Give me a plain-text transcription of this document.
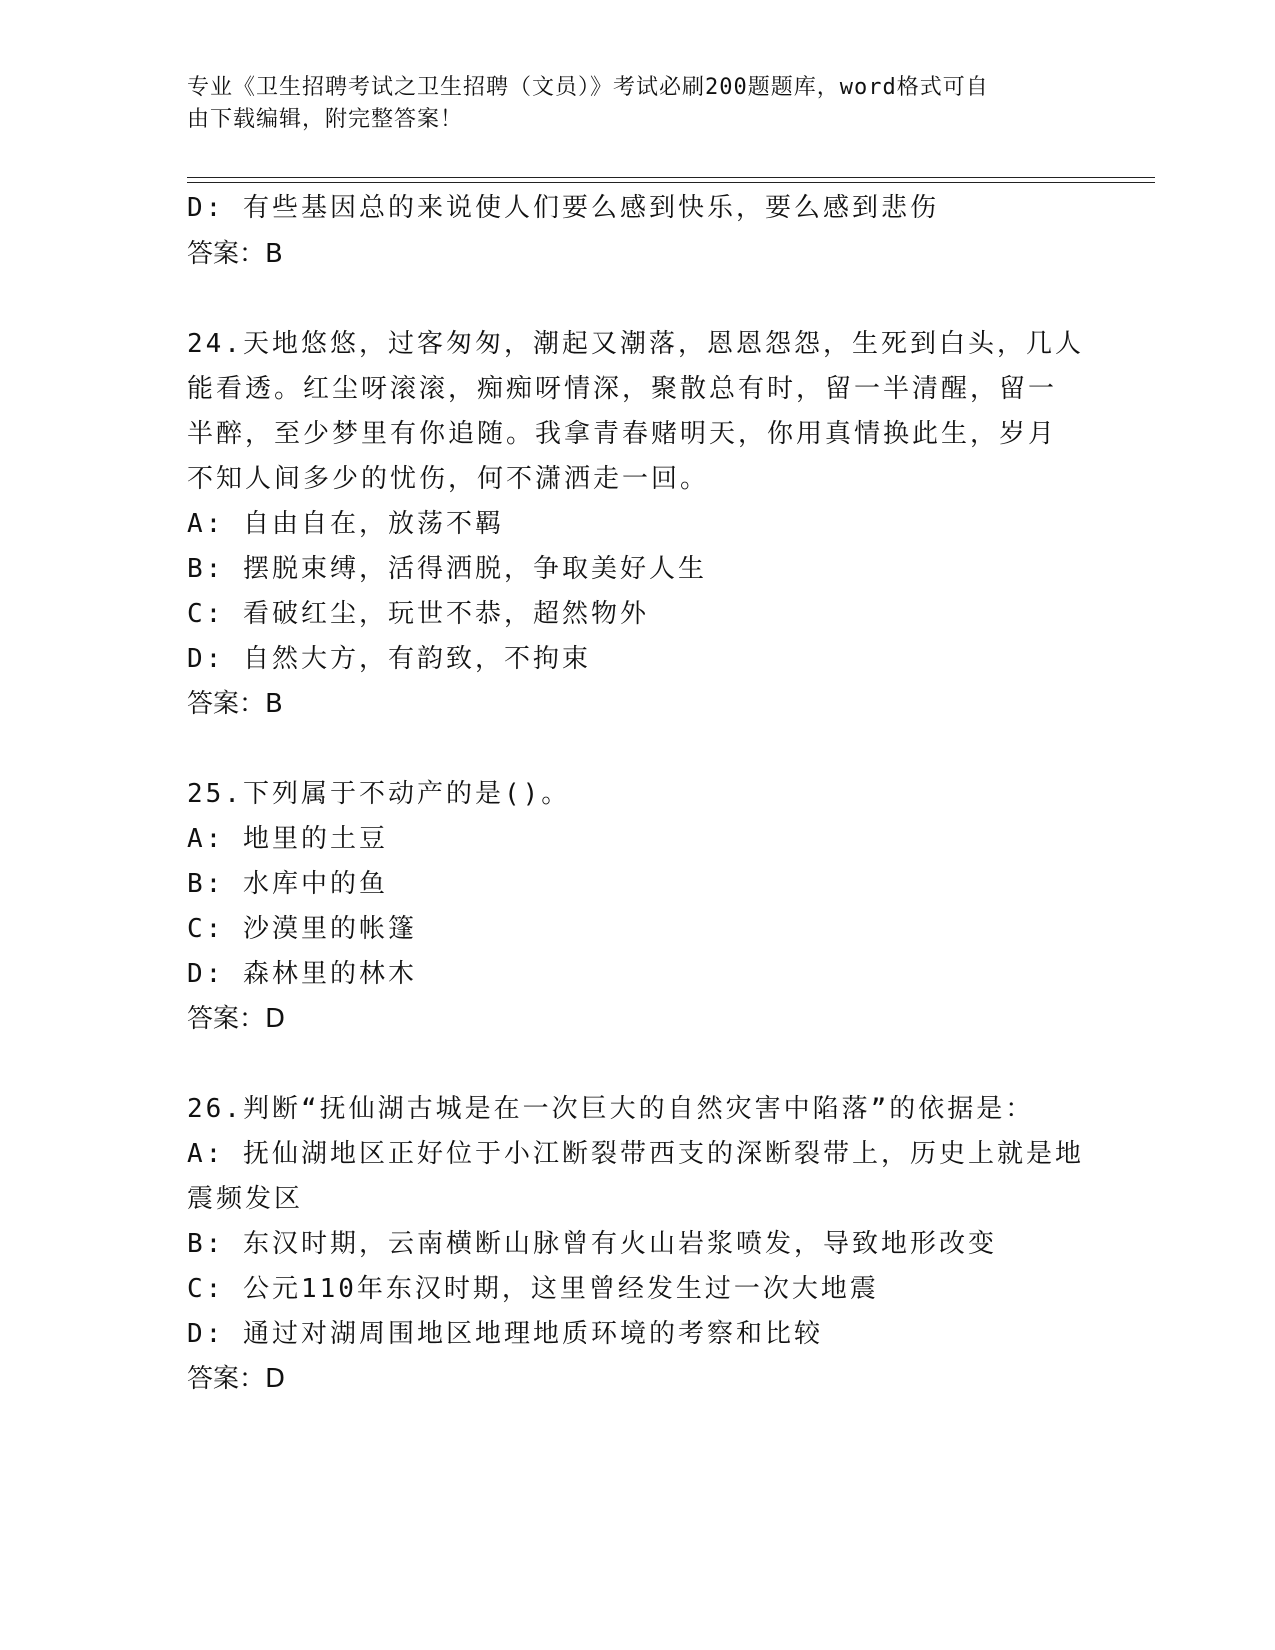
专业《卫生招聘考试之卫生招聘（文员）》考试必刷200题题库，word格式可自
由下载编辑，附完整答案！
D: 有些基因总的来说使人们要么感到快乐，要么感到悲伤
答案：B
24.天地悠悠，过客匆匆，潮起又潮落，恩恩怨怨，生死到白头，几人
能看透。红尘呀滚滚，痴痴呀情深，聚散总有时，留一半清醒，留一
半醉，至少梦里有你追随。我拿青春赌明天，你用真情换此生，岁月
不知人间多少的忧伤，何不潇洒走一回。
A: 自由自在，放荡不羁
B: 摆脱束缚，活得洒脱，争取美好人生
C: 看破红尘，玩世不恭，超然物外
D: 自然大方，有韵致，不拘束
答案：B
25.下列属于不动产的是()。
A: 地里的土豆
B: 水库中的鱼
C: 沙漠里的帐篷
D: 森林里的林木
答案：D
26.判断“抚仙湖古城是在一次巨大的自然灾害中陷落”的依据是：
A: 抚仙湖地区正好位于小江断裂带西支的深断裂带上，历史上就是地
震频发区
B: 东汉时期，云南横断山脉曾有火山岩浆喷发，导致地形改变
C: 公元110年东汉时期，这里曾经发生过一次大地震
D: 通过对湖周围地区地理地质环境的考察和比较
答案：D
